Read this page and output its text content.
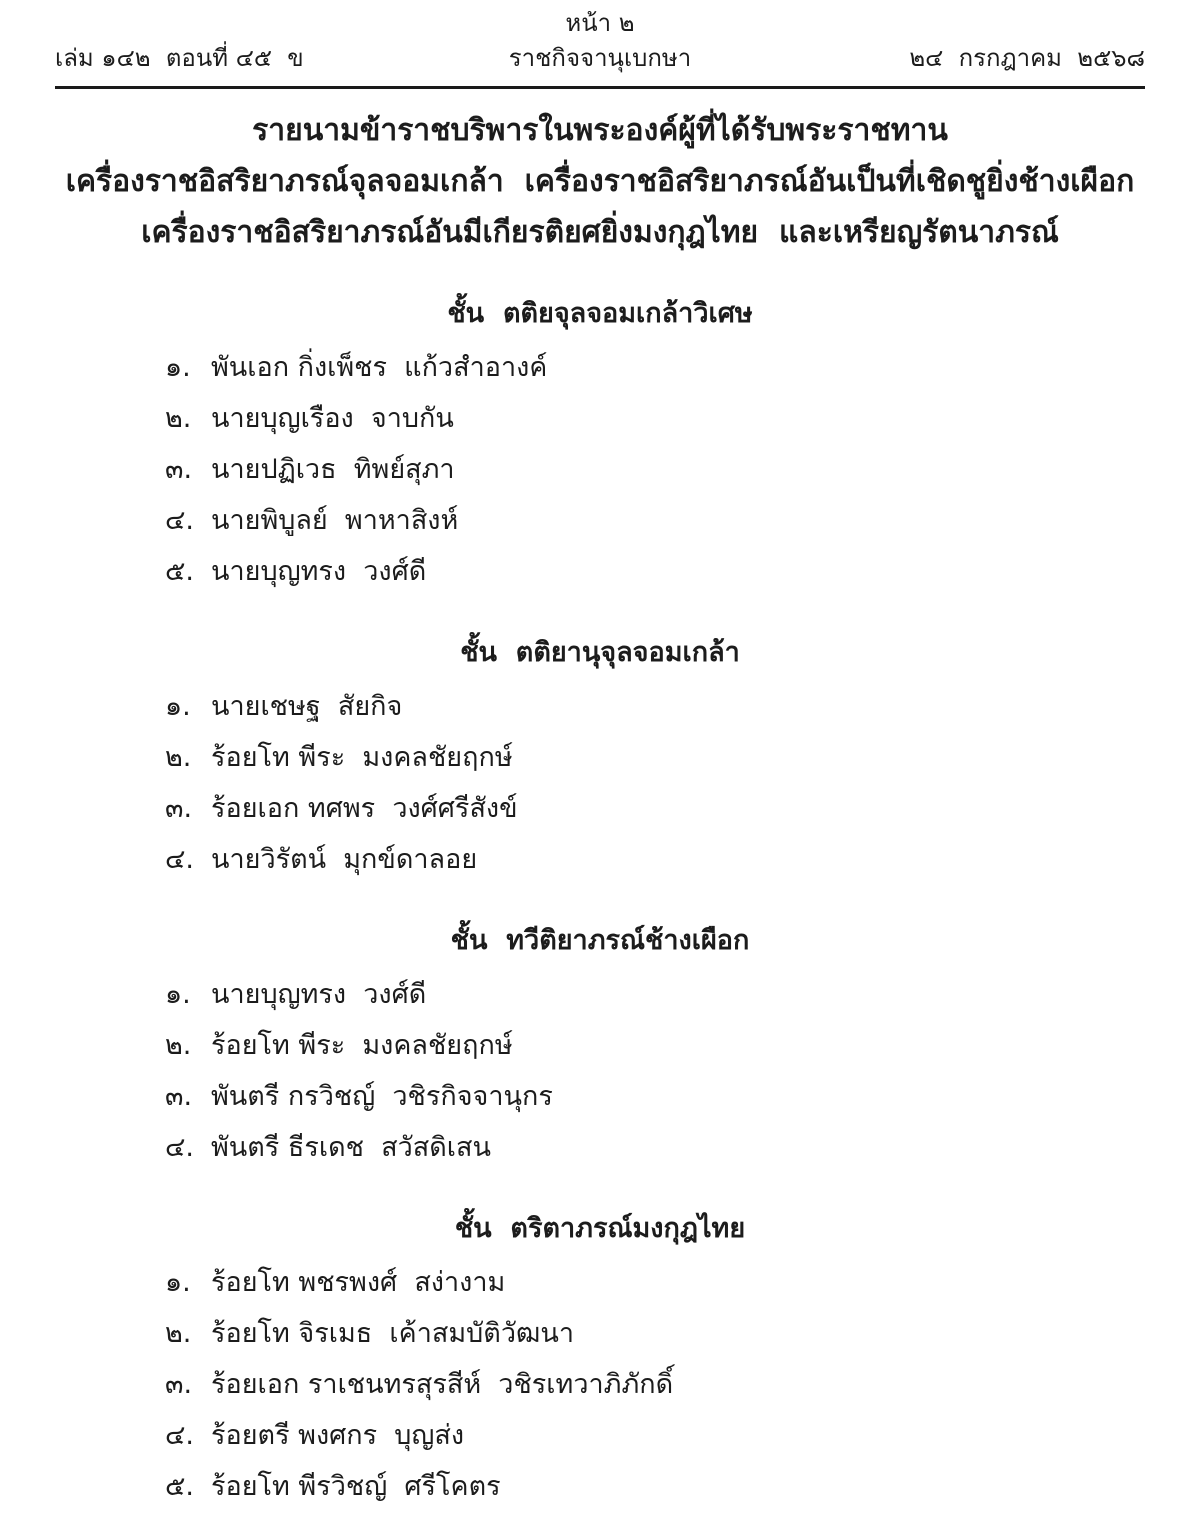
หน้า ๒
เล่ม ๑๔๒  ตอนที่ ๔๕  ข	ราชกิจจานุเบกษา	๒๔  กรกฎาคม  ๒๕๖๘
รายนามข้าราชบริพารในพระองค์ผู้ที่ได้รับพระราชทาน
เครื่องราชอิสริยาภรณ์จุลจอมเกล้า  เครื่องราชอิสริยาภรณ์อันเป็นที่เชิดชูยิ่งช้างเผือก
เครื่องราชอิสริยาภรณ์อันมีเกียรติยศยิ่งมงกุฎไทย  และเหรียญรัตนาภรณ์
ชั้น  ตติยจุลจอมเกล้าวิเศษ
๑. พันเอก กิ่งเพ็ชร  แก้วสำอางค์
๒. นายบุญเรือง  จาบกัน
๓. นายปฏิเวธ  ทิพย์สุภา
๔. นายพิบูลย์  พาหาสิงห์
๕. นายบุญทรง  วงศ์ดี
ชั้น  ตติยานุจุลจอมเกล้า
๑. นายเชษฐ  สัยกิจ
๒. ร้อยโท พีระ  มงคลชัยฤกษ์
๓. ร้อยเอก ทศพร  วงศ์ศรีสังข์
๔. นายวิรัตน์  มุกข์ดาลอย
ชั้น  ทวีติยาภรณ์ช้างเผือก
๑. นายบุญทรง  วงศ์ดี
๒. ร้อยโท พีระ  มงคลชัยฤกษ์
๓. พันตรี กรวิชญ์  วชิรกิจจานุกร
๔. พันตรี ธีรเดช  สวัสดิเสน
ชั้น  ตริตาภรณ์มงกุฎไทย
๑. ร้อยโท พชรพงศ์  สง่างาม
๒. ร้อยโท จิรเมธ  เค้าสมบัติวัฒนา
๓. ร้อยเอก ราเชนทรสุรสีห์  วชิรเทวาภิภักดิ์
๔. ร้อยตรี พงศกร  บุญส่ง
๕. ร้อยโท พีรวิชญ์  ศรีโคตร
